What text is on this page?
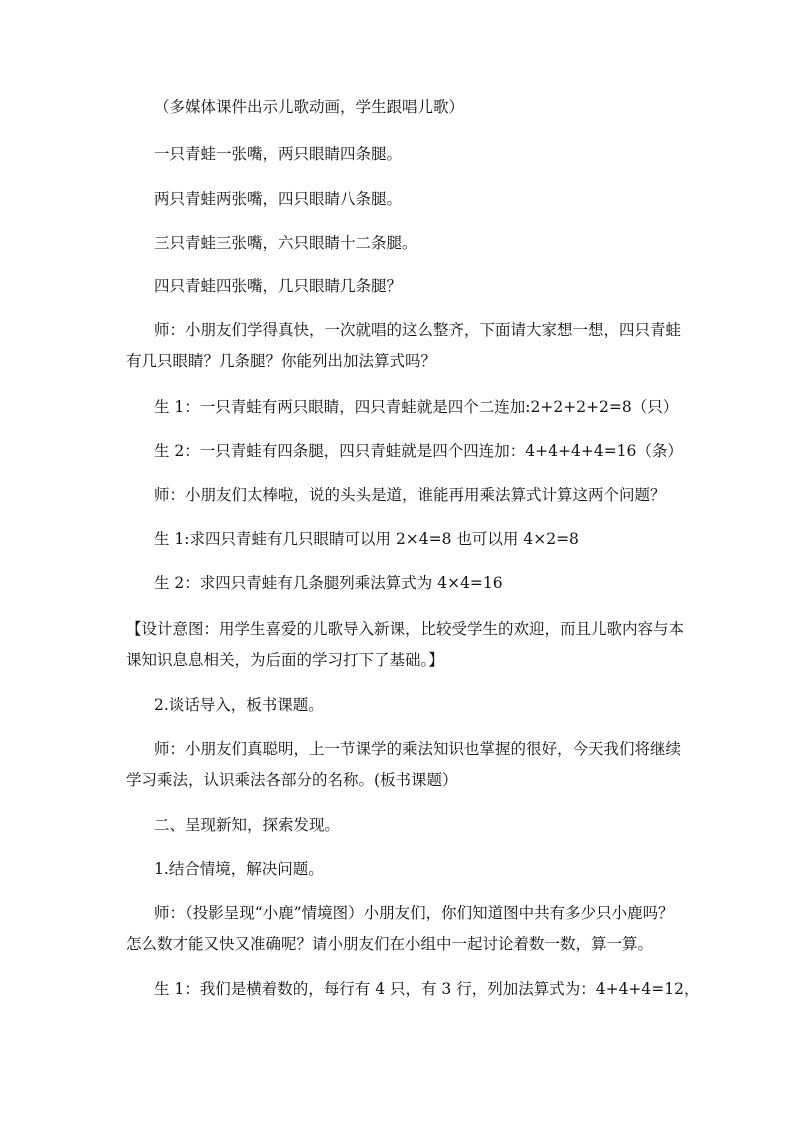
（多媒体课件出示儿歌动画，学生跟唱儿歌）

一只青蛙一张嘴，两只眼睛四条腿。

两只青蛙两张嘴，四只眼睛八条腿。

三只青蛙三张嘴，六只眼睛十二条腿。

四只青蛙四张嘴，几只眼睛几条腿？

师：小朋友们学得真快，一次就唱的这么整齐，下面请大家想一想，四只青蛙有几只眼睛？几条腿？你能列出加法算式吗？

生 1：一只青蛙有两只眼睛，四只青蛙就是四个二连加:2+2+2+2=8（只）

生 2：一只青蛙有四条腿，四只青蛙就是四个四连加：4+4+4+4=16（条）

师：小朋友们太棒啦，说的头头是道，谁能再用乘法算式计算这两个问题？

生 1:求四只青蛙有几只眼睛可以用 2×4=8 也可以用 4×2=8

生 2：求四只青蛙有几条腿列乘法算式为 4×4=16

【设计意图：用学生喜爱的儿歌导入新课，比较受学生的欢迎，而且儿歌内容与本课知识息息相关，为后面的学习打下了基础。】

2.谈话导入，板书课题。

师：小朋友们真聪明，上一节课学的乘法知识也掌握的很好，今天我们将继续学习乘法，认识乘法各部分的名称。(板书课题）

二、呈现新知，探索发现。

1.结合情境，解决问题。

师：（投影呈现“小鹿”情境图）小朋友们，你们知道图中共有多少只小鹿吗？怎么数才能又快又准确呢？请小朋友们在小组中一起讨论着数一数，算一算。

生 1：我们是横着数的，每行有 4 只，有 3 行，列加法算式为：4+4+4=12，
